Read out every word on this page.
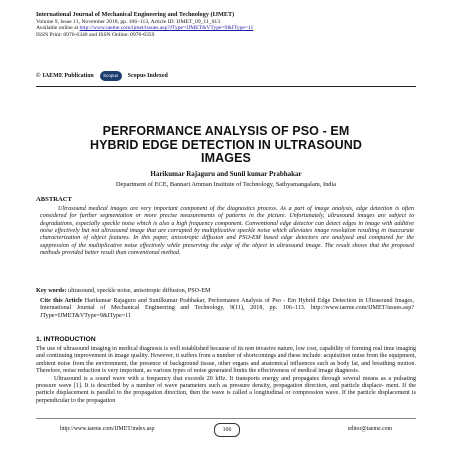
International Journal of Mechanical Engineering and Technology (IJMET)
Volume 9, Issue 11, November 2018, pp. 106–113, Article ID: IJMET_09_11_013
Available online at http://www.iaeme.com/ijmet/issues.asp?JType=IJMET&VType=9&IType=11
ISSN Print: 0976-6340 and ISSN Online: 0976-6359
© IAEME Publication	Scopus	Scopus Indexed
PERFORMANCE ANALYSIS OF PSO - EM
HYBRID EDGE DETECTION IN ULTRASOUND
IMAGES
Harikumar Rajaguru and Sunil kumar Prabhakar
Department of ECE, Bannari Amman Institute of Technology, Sathyamangalam, India
ABSTRACT
Ultrasound medical images are very important component of the diagnostics process. As a part of image analysis, edge detection is often considered for further segmentation or more precise measurements of patterns in the picture. Unfortunately, ultrasound images are subject to degradations, especially speckle noise which is also a high frequency component. Conventional edge detector can detect edges in image with additive noise effectively but not ultrasound image that are corrupted by multiplicative speckle noise which alleviates image resolution resulting in inaccurate characterization of object features. In this paper, anisotropic diffusion and PSO-EM based edge detectors are analyzed and compared for the suppression of the multiplicative noise effectively while preserving the edge of the object in ultrasound image. The result shows that the proposed methods provided better result than conventional method.
Key words: ultrasound, speckle noise, anisotropic diffusion, PSO-EM
Cite this Article Harikumar Rajaguru and Sunilkumar Prabhakar, Performance Analysis of Pso - Em Hybrid Edge Detection in Ultrasound Images, International Journal of Mechanical Engineering and Technology, 9(11), 2018, pp. 106–113. http://www.iaeme.com/IJMET/issues.asp?JType=IJMET&VType=9&IType=11
1. INTRODUCTION

The use of ultrasound imaging in medical diagnosis is well established because of its non invasive nature, low cost, capability of forming real time imaging and continuing improvement in image quality. However, it suffers from a number of shortcomings and these include: acquisition noise from the equipment, ambient noise from the environment, the presence of background tissue, other organs and anatomical influences such as body fat, and breathing motion. Therefore, noise reduction is very important, as various types of noise generated limits the effectiveness of medical image diagnosis.

Ultrasound is a sound wave with a frequency that exceeds 20 kHz. It transports energy and propagates through several means as a pulsating pressure wave [1]. It is described by a number of wave parameters such as pressure density, propagation direction, and particle displace- ment. If the particle displacement is parallel to the propagation direction, then the wave is called a longitudinal or compression wave. If the particle displacement is perpendicular to the propagation

http://www.iaeme.com/IJMET/index.asp	106	editor@iaeme.com
